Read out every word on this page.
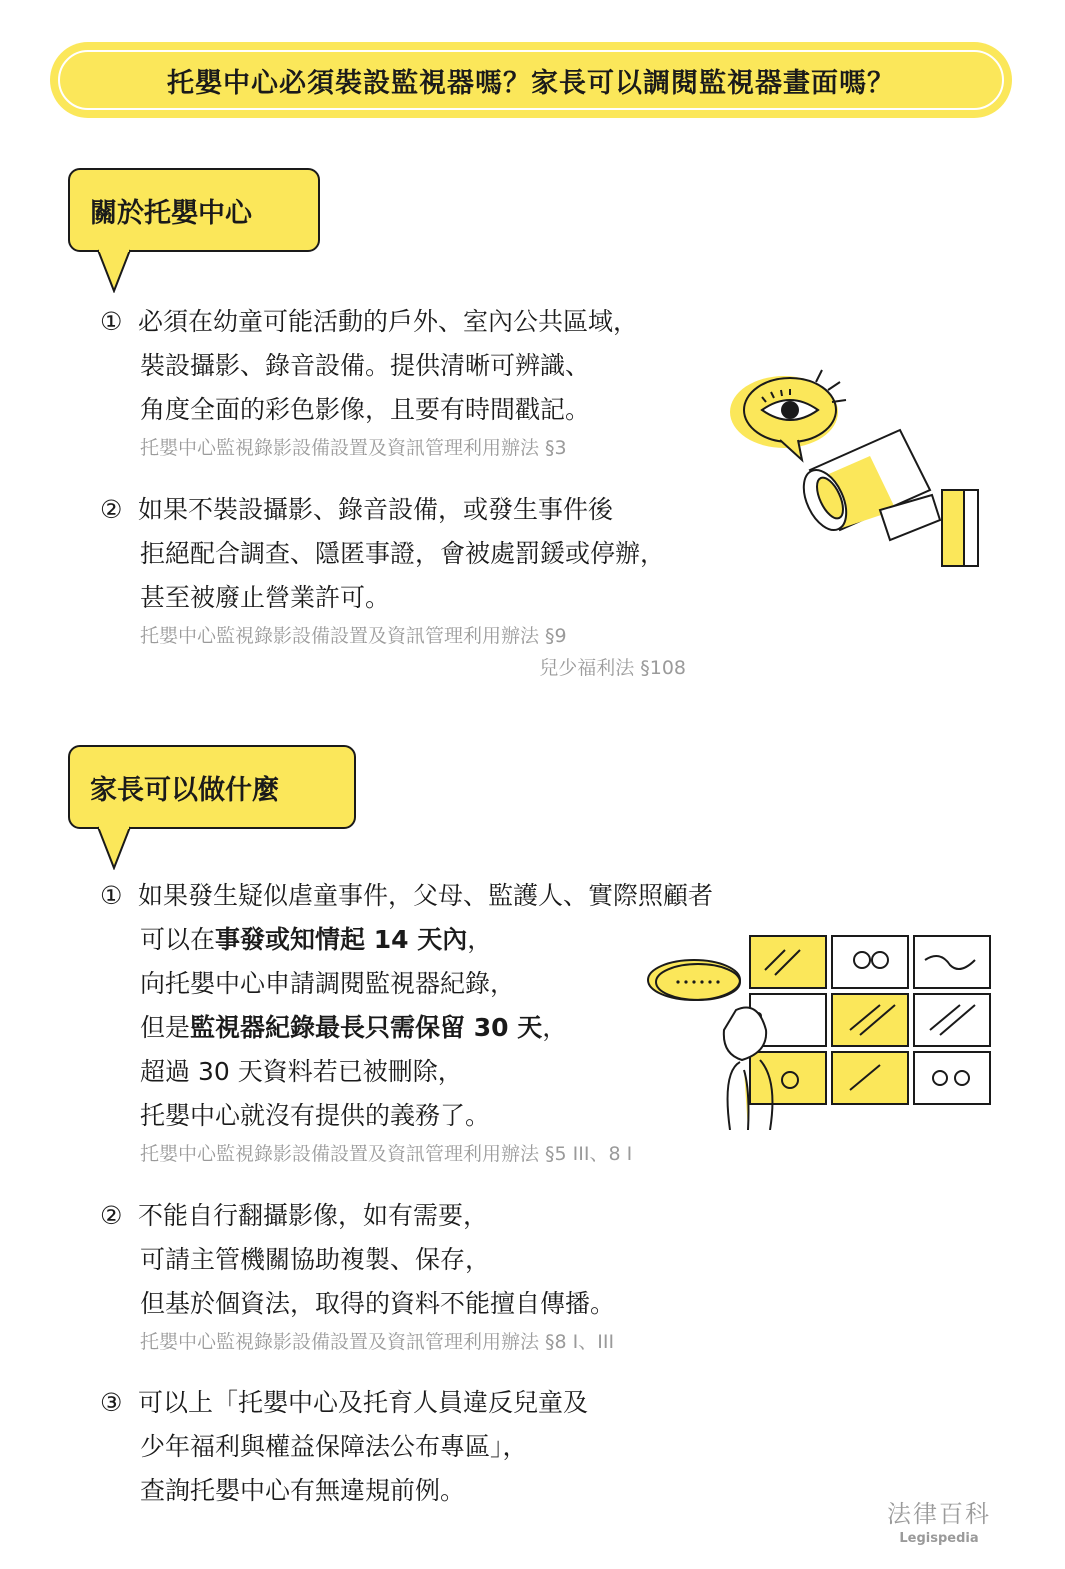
托嬰中心必須裝設監視器嗎？家長可以調閱監視器畫面嗎？
關於托嬰中心
① 必須在幼童可能活動的戶外、室內公共區域，
裝設攝影、錄音設備。提供清晰可辨識、
角度全面的彩色影像，且要有時間戳記。
托嬰中心監視錄影設備設置及資訊管理利用辦法 §3
② 如果不裝設攝影、錄音設備，或發生事件後
拒絕配合調查、隱匿事證，會被處罰鍰或停辦，
甚至被廢止營業許可。
托嬰中心監視錄影設備設置及資訊管理利用辦法 §9
兒少福利法 §108
家長可以做什麼
① 如果發生疑似虐童事件，父母、監護人、實際照顧者
可以在事發或知情起 14 天內，
向托嬰中心申請調閱監視器紀錄，
但是監視器紀錄最長只需保留 30 天，
超過 30 天資料若已被刪除，
托嬰中心就沒有提供的義務了。
托嬰中心監視錄影設備設置及資訊管理利用辦法 §5 III、8 I
② 不能自行翻攝影像，如有需要，
可請主管機關協助複製、保存，
但基於個資法，取得的資料不能擅自傳播。
托嬰中心監視錄影設備設置及資訊管理利用辦法 §8 I、III
③ 可以上「托嬰中心及托育人員違反兒童及
少年福利與權益保障法公布專區」，
查詢托嬰中心有無違規前例。
法律百科
Legispedia
